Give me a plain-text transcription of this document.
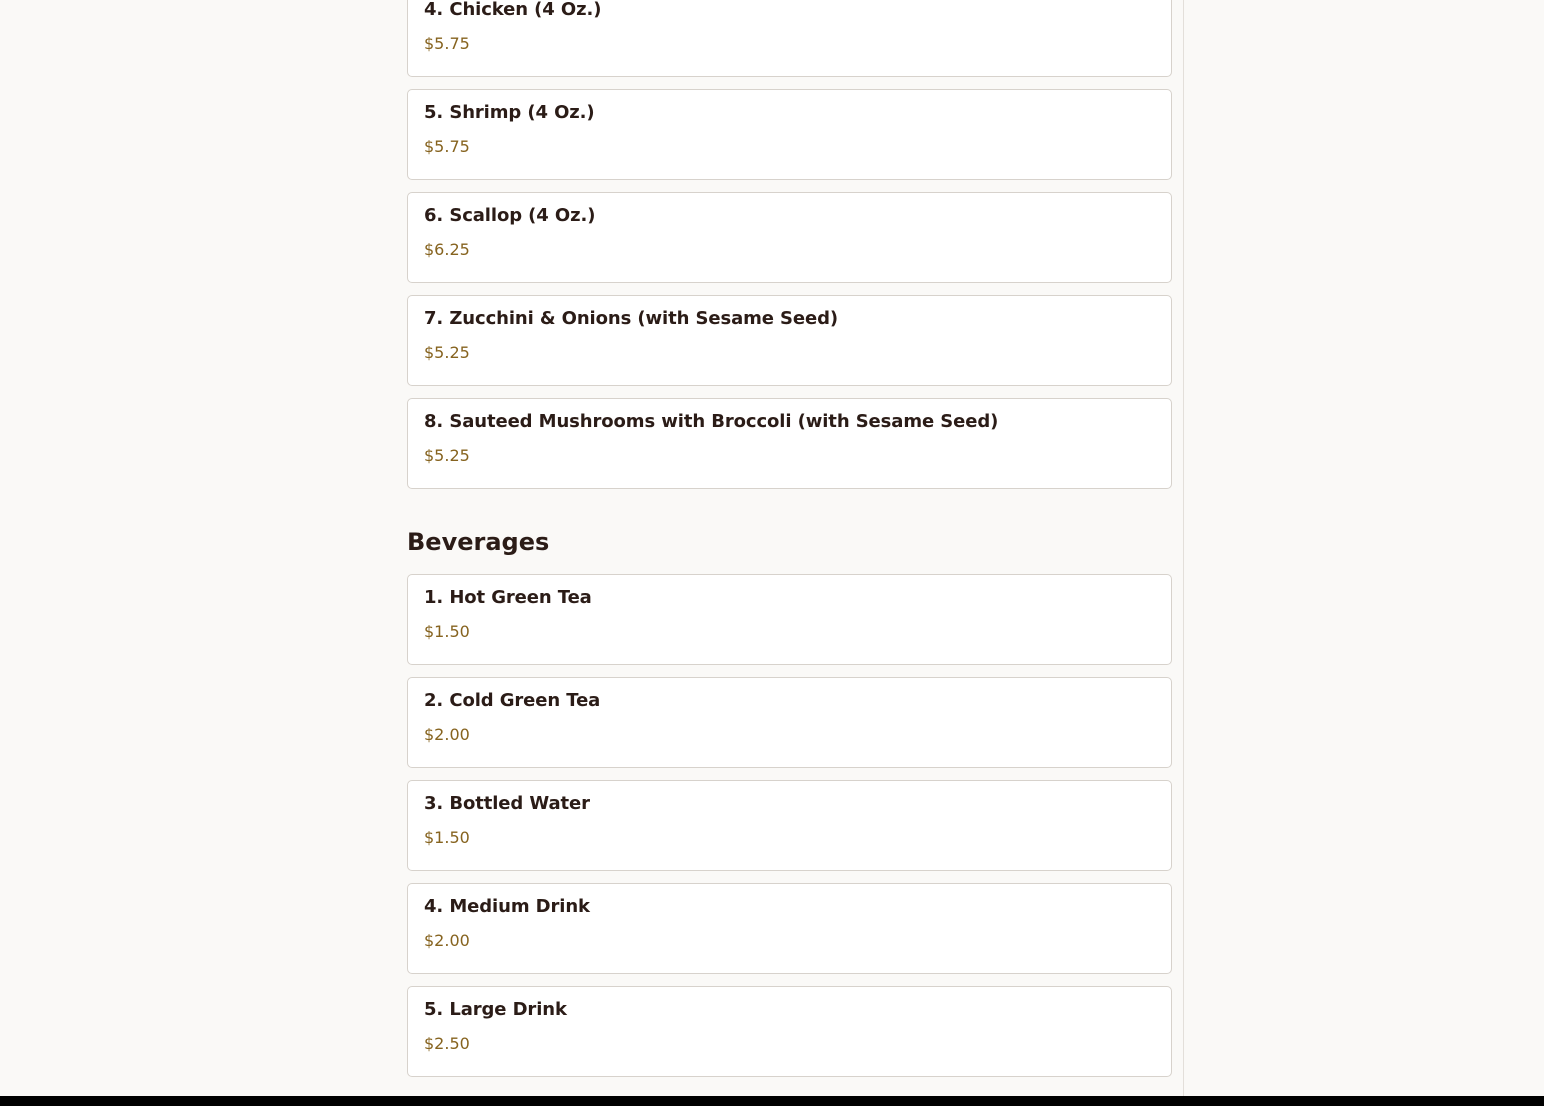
4. Chicken (4 Oz.)
$5.75
5. Shrimp (4 Oz.)
$5.75
6. Scallop (4 Oz.)
$6.25
7. Zucchini & Onions (with Sesame Seed)
$5.25
8. Sauteed Mushrooms with Broccoli (with Sesame Seed)
$5.25
Beverages
1. Hot Green Tea
$1.50
2. Cold Green Tea
$2.00
3. Bottled Water
$1.50
4. Medium Drink
$2.00
5. Large Drink
$2.50
